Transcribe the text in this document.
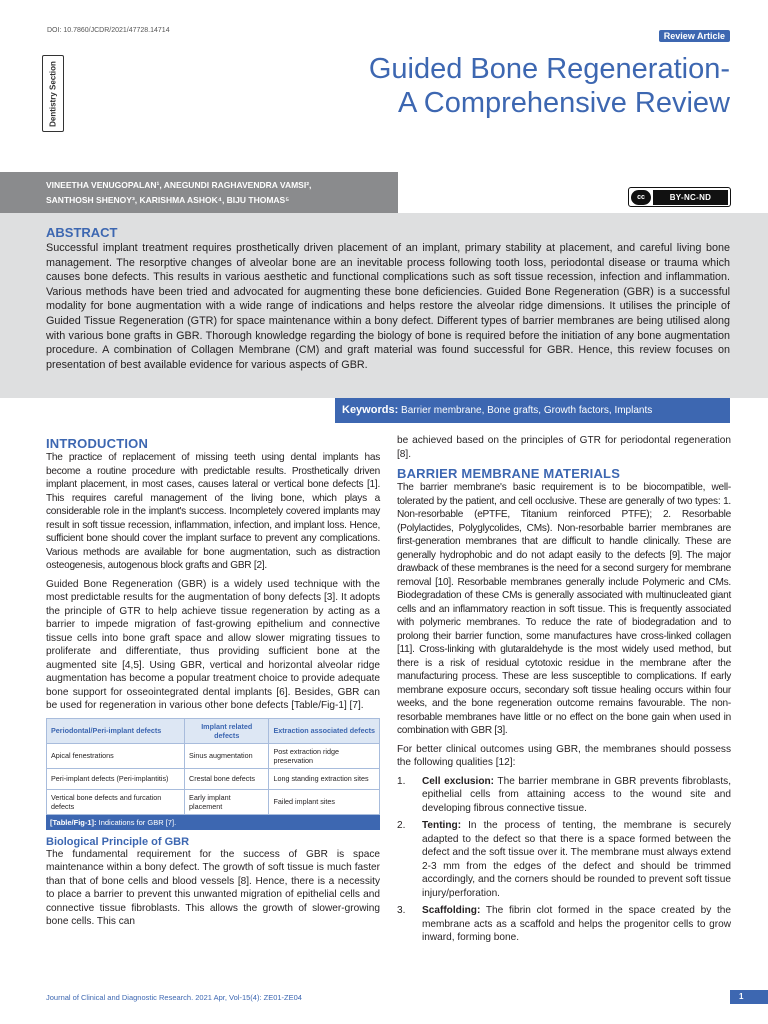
DOI: 10.7860/JCDR/2021/47728.14714
Review Article
Dentistry Section	Guided Bone Regeneration-
A Comprehensive Review
VINEETHA VENUGOPALAN¹, ANEGUNDI RAGHAVENDRA VAMSI²,
SANTHOSH SHENOY³, KARISHMA ASHOK⁴, BIJU THOMAS⁵	cc	BY-NC-ND
ABSTRACT

Successful implant treatment requires prosthetically driven placement of an implant, primary stability at placement, and careful living bone management. The resorptive changes of alveolar bone are an inevitable process following tooth loss, periodontal disease or trauma which causes bone defects. This results in various aesthetic and functional complications such as soft tissue recession, infection and inflammation. Various methods have been tried and advocated for augmenting these bone deficiencies. Guided Bone Regeneration (GBR) is a successful modality for bone augmentation with a wide range of indications and helps restore the alveolar ridge dimensions. It utilises the principle of Guided Tissue Regeneration (GTR) for space maintenance within a bony defect. Different types of barrier membranes are being utilised along with various bone grafts in GBR. Thorough knowledge regarding the biology of bone is required before the initiation of any bone augmentation procedure. A combination of Collagen Membrane (CM) and graft material was found successful for GBR. Hence, this review focuses on presentation of best available evidence for various aspects of GBR.

Keywords: Barrier membrane, Bone grafts, Growth factors, Implants
INTRODUCTION

The practice of replacement of missing teeth using dental implants has become a routine procedure with predictable results. Prosthetically driven implant placement, in most cases, causes lateral or vertical bone defects [1]. This requires careful management of the living bone, which plays a considerable role in the implant's success. Incompletely covered implants may result in soft tissue recession, inflammation, infection, and implant loss. Hence, sufficient bone should cover the implant surface to prevent any complications. Various methods are available for bone augmentation, such as distraction osteogenesis, autogenous block grafts and GBR [2].

Guided Bone Regeneration (GBR) is a widely used technique with the most predictable results for the augmentation of bony defects [3]. It adopts the principle of GTR to help achieve tissue regeneration by acting as a barrier to impede migration of fast-growing epithelium and connective tissue cells into bone graft space and allow slower migrating tissues to proliferate and differentiate, thus providing sufficient bone at the augmented site [4,5]. Using GBR, vertical and horizontal alveolar ridge augmentation has become a popular treatment choice to provide adequate bone support for osseointegrated dental implants [6]. Besides, GBR can be used for regeneration in various other bone defects [Table/Fig-1] [7].

Periodontal/Peri-implant defects	Implant related defects	Extraction associated defects
Apical fenestrations	Sinus augmentation	Post extraction ridge preservation
Peri-implant defects (Peri-implantitis)	Crestal bone defects	Long standing extraction sites
Vertical bone defects and furcation defects	Early implant placement	Failed implant sites
[Table/Fig-1]: Indications for GBR [7].
Biological Principle of GBR

The fundamental requirement for the success of GBR is space maintenance within a bony defect. The growth of soft tissue is much faster than that of bone cells and blood vessels [8]. Hence, there is a necessity to place a barrier to prevent this unwanted migration of epithelial cells and connective tissue fibroblasts. This allows the growth of slower-growing bone cells. This can

be achieved based on the principles of GTR for periodontal regeneration [8].

BARRIER MEMBRANE MATERIALS

The barrier membrane's basic requirement is to be biocompatible, well-tolerated by the patient, and cell occlusive. These are generally of two types: 1. Non-resorbable (ePTFE, Titanium reinforced PTFE); 2. Resorbable (Polylactides, Polyglycolides, CMs). Non-resorbable barrier membranes are first-generation membranes that are difficult to handle clinically. These are generally hydrophobic and do not adapt easily to the defects [9]. The major drawback of these membranes is the need for a second surgery for membrane removal [10]. Resorbable membranes generally include Polymeric and CMs. Biodegradation of these CMs is generally associated with multinucleated giant cells and an inflammatory reaction in soft tissue. This is frequently associated with polymeric membranes. To reduce the rate of biodegradation and to prolong their barrier function, some manufactures have cross-linked collagen [11]. Cross-linking with glutaraldehyde is the most widely used method, but there is a risk of residual cytotoxic residue in the membrane after the manufacturing process. These are less susceptible to complications. If early membrane exposure occurs, secondary soft tissue healing occurs within four weeks, and the bone regeneration outcome remains favourable. The non-resorbable membranes have little or no effect on the bone gain when used in combination with GBR [3].

For better clinical outcomes using GBR, the membranes should possess the following qualities [12]:

1. Cell exclusion: The barrier membrane in GBR prevents fibroblasts, epithelial cells from attaining access to the wound site and developing fibrous connective tissue.
2. Tenting: In the process of tenting, the membrane is securely adapted to the defect so that there is a space formed between the defect and the soft tissue over it. The membrane must always extend 2-3 mm from the edges of the defect and should be trimmed accordingly, and the corners should be rounded to prevent soft tissue injury/perforation.
3. Scaffolding: The fibrin clot formed in the space created by the membrane acts as a scaffold and helps the progenitor cells to grow inward, forming bone.
Journal of Clinical and Diagnostic Research. 2021 Apr, Vol-15(4): ZE01-ZE04	1
